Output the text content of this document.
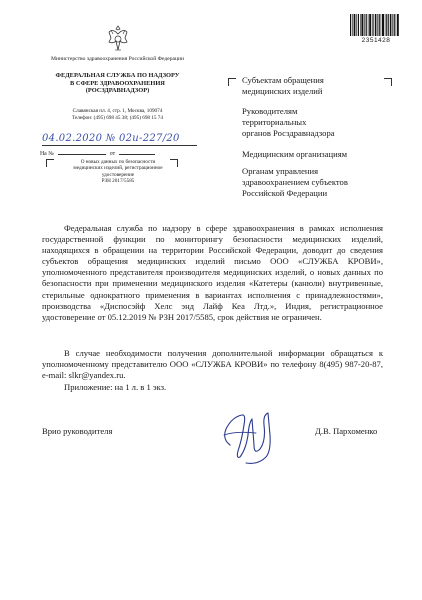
2351428
Министерство здравоохранения Российской Федерации
ФЕДЕРАЛЬНАЯ СЛУЖБА ПО НАДЗОРУ
В СФЕРЕ ЗДРАВООХРАНЕНИЯ
(РОСЗДРАВНАДЗОР)
Славянская пл. 4, стр. 1, Москва, 109074
Телефон: (495) 698 45 38; (495) 698 15 74
04.02.2020 № 02и-227/20
На №	от
О новых данных по безопасности
медицинских изделий, регистрационное
удостоверение
РЗН 2017/5585
Субъектам обращения
медицинских изделий
Руководителям
территориальных
органов Росздравнадзора
Медицинским организациям
Органам управления
здравоохранением субъектов
Российской Федерации
Федеральная служба по надзору в сфере здравоохранения в рамках исполнения государственной функции по мониторингу безопасности медицинских изделий, находящихся в обращении на территории Российской Федерации, доводит до сведения субъектов обращения медицинских изделий письмо ООО «СЛУЖБА КРОВИ», уполномоченного представителя производителя медицинских изделий, о новых данных по безопасности при применении медицинского изделия «Катетеры (канюли) внутривенные, стерильные однократного применения в вариантах исполнения с принадлежностями», производства «Диспосэйф Хелс энд Лайф Кеа Лтд.», Индия, регистрационное удостоверение от 05.12.2019 № РЗН 2017/5585, срок действия не ограничен.
В случае необходимости получения дополнительной информации обращаться к уполномоченному представителю ООО «СЛУЖБА КРОВИ» по телефону 8(495) 987-20-87, e-mail: slkr@yandex.ru.
Приложение: на 1 л. в 1 экз.
Врио руководителя	Д.В. Пархоменко
